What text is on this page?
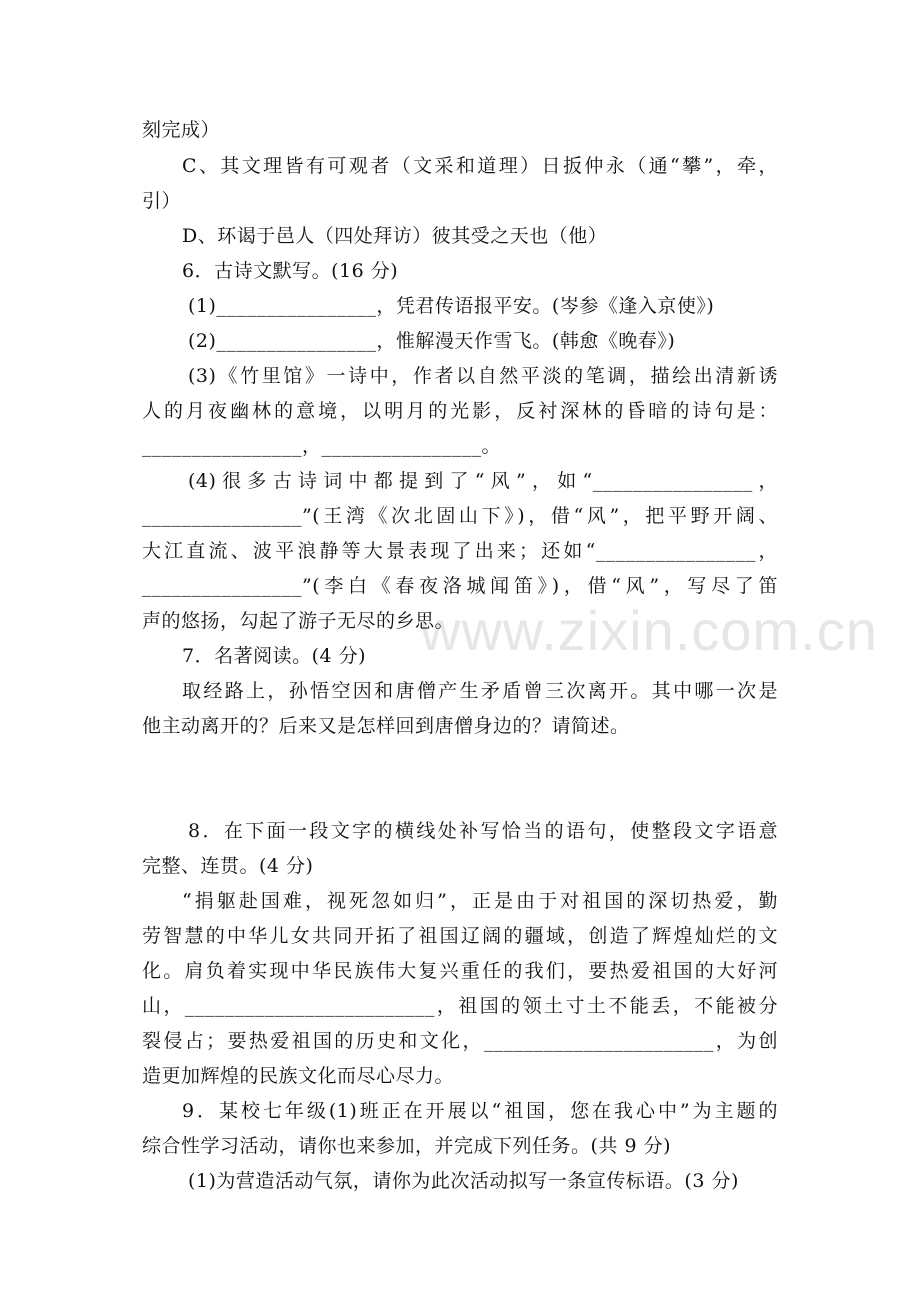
www.zixin.com.cn
刻完成）
C、其文理皆有可观者（文采和道理）日扳仲永（通“攀”，牵，
引）
D、环谒于邑人（四处拜访）彼其受之天也（他）
6．古诗文默写。(16 分)
(1)________________，凭君传语报平安。(岑参《逢入京使》)
(2)________________，惟解漫天作雪飞。(韩愈《晚春》)
(3)《竹里馆》一诗中，作者以自然平淡的笔调，描绘出清新诱
人的月夜幽林的意境，以明月的光影，反衬深林的昏暗的诗句是：
________________，________________。
(4)很多古诗词中都提到了“风”，如“________________，
________________”(王湾《次北固山下》)，借“风”，把平野开阔、
大江直流、波平浪静等大景表现了出来；还如“________________，
________________”(李白《春夜洛城闻笛》)，借“风”，写尽了笛
声的悠扬，勾起了游子无尽的乡思。
7．名著阅读。(4 分)
取经路上，孙悟空因和唐僧产生矛盾曾三次离开。其中哪一次是
他主动离开的？后来又是怎样回到唐僧身边的？请简述。
8．在下面一段文字的横线处补写恰当的语句，使整段文字语意
完整、连贯。(4 分)
“捐躯赴国难，视死忽如归”，正是由于对祖国的深切热爱，勤
劳智慧的中华儿女共同开拓了祖国辽阔的疆域，创造了辉煌灿烂的文
化。肩负着实现中华民族伟大复兴重任的我们，要热爱祖国的大好河
山，_________________________，祖国的领土寸土不能丢，不能被分
裂侵占；要热爱祖国的历史和文化，_______________________，为创
造更加辉煌的民族文化而尽心尽力。
9．某校七年级(1)班正在开展以“祖国，您在我心中”为主题的
综合性学习活动，请你也来参加，并完成下列任务。(共 9 分)
(1)为营造活动气氛，请你为此次活动拟写一条宣传标语。(3 分)
